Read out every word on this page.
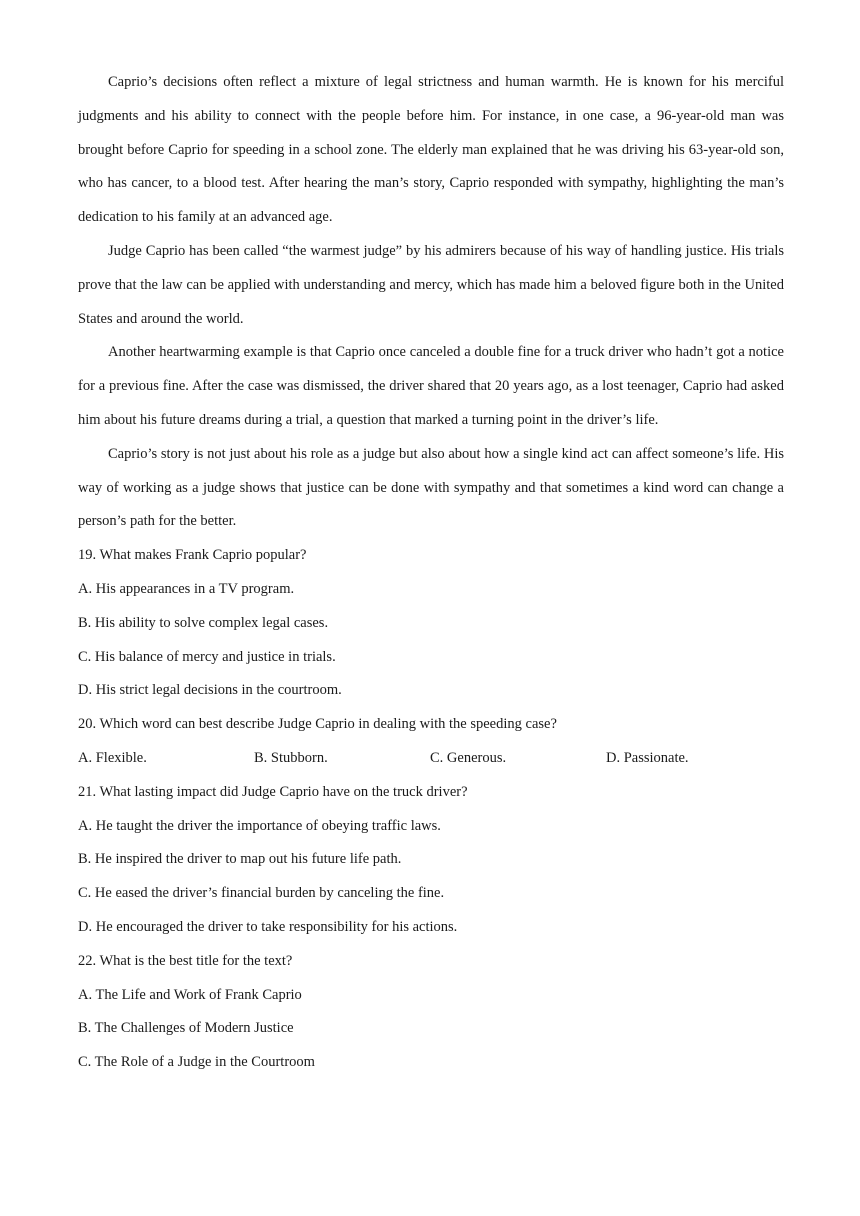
Caprio’s decisions often reflect a mixture of legal strictness and human warmth. He is known for his merciful judgments and his ability to connect with the people before him. For instance, in one case, a 96-year-old man was brought before Caprio for speeding in a school zone. The elderly man explained that he was driving his 63-year-old son, who has cancer, to a blood test. After hearing the man’s story, Caprio responded with sympathy, highlighting the man’s dedication to his family at an advanced age.

Judge Caprio has been called “the warmest judge” by his admirers because of his way of handling justice. His trials prove that the law can be applied with understanding and mercy, which has made him a beloved figure both in the United States and around the world.

Another heartwarming example is that Caprio once canceled a double fine for a truck driver who hadn’t got a notice for a previous fine. After the case was dismissed, the driver shared that 20 years ago, as a lost teenager, Caprio had asked him about his future dreams during a trial, a question that marked a turning point in the driver’s life.

Caprio’s story is not just about his role as a judge but also about how a single kind act can affect someone’s life. His way of working as a judge shows that justice can be done with sympathy and that sometimes a kind word can change a person’s path for the better.

19. What makes Frank Caprio popular?

A. His appearances in a TV program.

B. His ability to solve complex legal cases.

C. His balance of mercy and justice in trials.

D. His strict legal decisions in the courtroom.

20. Which word can best describe Judge Caprio in dealing with the speeding case?

A. Flexible.	B. Stubborn.	C. Generous.	D. Passionate.

21. What lasting impact did Judge Caprio have on the truck driver?

A. He taught the driver the importance of obeying traffic laws.

B. He inspired the driver to map out his future life path.

C. He eased the driver’s financial burden by canceling the fine.

D. He encouraged the driver to take responsibility for his actions.

22. What is the best title for the text?

A. The Life and Work of Frank Caprio

B. The Challenges of Modern Justice

C. The Role of a Judge in the Courtroom
